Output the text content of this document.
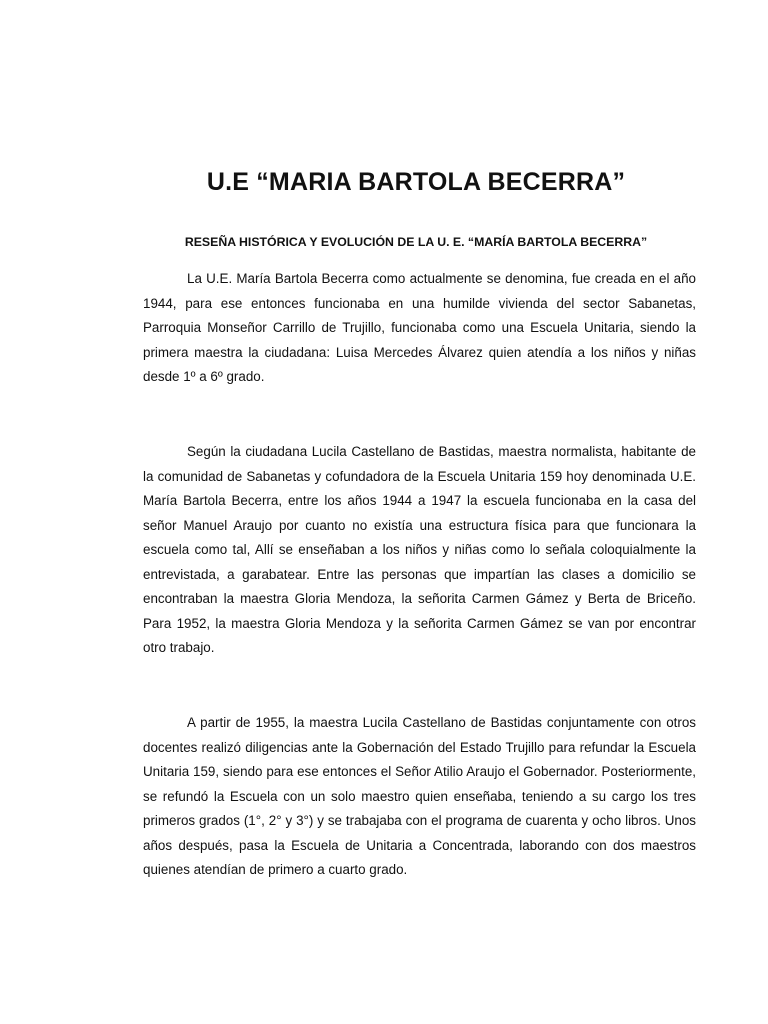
U.E “MARIA BARTOLA BECERRA”
RESEÑA HISTÓRICA Y EVOLUCIÓN DE LA U. E. “MARÍA BARTOLA BECERRA”

La U.E. María Bartola Becerra como actualmente se denomina, fue creada en el año 1944, para ese entonces funcionaba en una humilde vivienda del sector Sabanetas, Parroquia Monseñor Carrillo de Trujillo, funcionaba como una Escuela Unitaria, siendo la primera maestra la ciudadana: Luisa Mercedes Álvarez quien atendía a los niños y niñas desde 1º a 6º grado.

Según la ciudadana Lucila Castellano de Bastidas, maestra normalista, habitante de la comunidad de Sabanetas y cofundadora de la Escuela Unitaria 159 hoy denominada U.E. María Bartola Becerra, entre los años 1944 a 1947 la escuela funcionaba en la casa del señor Manuel Araujo por cuanto no existía una estructura física para que funcionara la escuela como tal, Allí se enseñaban a los niños y niñas como lo señala coloquialmente la entrevistada, a garabatear. Entre las personas que impartían las clases a domicilio se encontraban la maestra Gloria Mendoza, la señorita Carmen Gámez y Berta de Briceño. Para 1952, la maestra Gloria Mendoza y la señorita Carmen Gámez se van por encontrar otro trabajo.

A partir de 1955, la maestra Lucila Castellano de Bastidas conjuntamente con otros docentes realizó diligencias ante la Gobernación del Estado Trujillo para refundar la Escuela Unitaria 159, siendo para ese entonces el Señor Atilio Araujo el Gobernador. Posteriormente, se refundó la Escuela con un solo maestro quien enseñaba, teniendo a su cargo los tres primeros grados (1°, 2° y 3°) y se trabajaba con el programa de cuarenta y ocho libros. Unos años después, pasa la Escuela de Unitaria a Concentrada, laborando con dos maestros quienes atendían de primero a cuarto grado.
